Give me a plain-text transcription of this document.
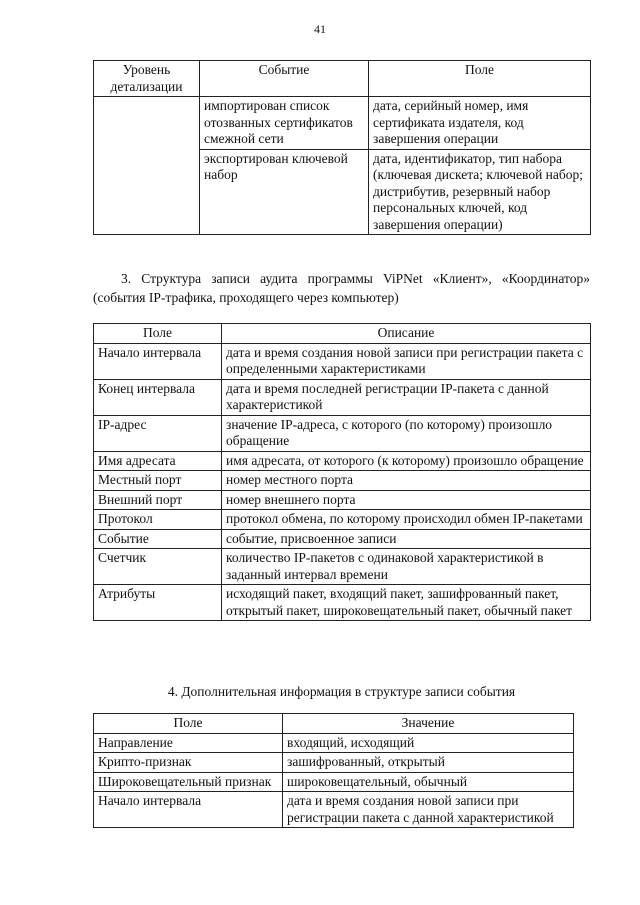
41
Уровень детализации	Событие	Поле
	импортирован список отозванных сертификатов смежной сети	дата, серийный номер, имя сертификата издателя, код завершения операции
	экспортирован ключевой набор	дата, идентификатор, тип набора (ключевая дискета; ключевой набор; дистрибутив, резервный набор персональных ключей, код завершения операции)
3. Структура записи аудита программы ViPNet «Клиент», «Координатор» (события IP-трафика, проходящего через компьютер)
Поле	Описание
Начало интервала	дата и время создания новой записи при регистрации пакета с определенными характеристиками
Конец интервала	дата и время последней регистрации IP-пакета с данной характеристикой
IP-адрес	значение IP-адреса, с которого (по которому) произошло обращение
Имя адресата	имя адресата, от которого (к которому) произошло обращение
Местный порт	номер местного порта
Внешний порт	номер внешнего порта
Протокол	протокол обмена, по которому происходил обмен IP-пакетами
Событие	событие, присвоенное записи
Счетчик	количество IP-пакетов с одинаковой характеристикой в заданный интервал времени
Атрибуты	исходящий пакет, входящий пакет, зашифрованный пакет, открытый пакет, широковещательный пакет, обычный пакет
4. Дополнительная информация в структуре записи события
Поле	Значение
Направление	входящий, исходящий
Крипто-признак	зашифрованный, открытый
Широковещательный признак	широковещательный, обычный
Начало интервала	дата и время создания новой записи при регистрации пакета с данной характеристикой
